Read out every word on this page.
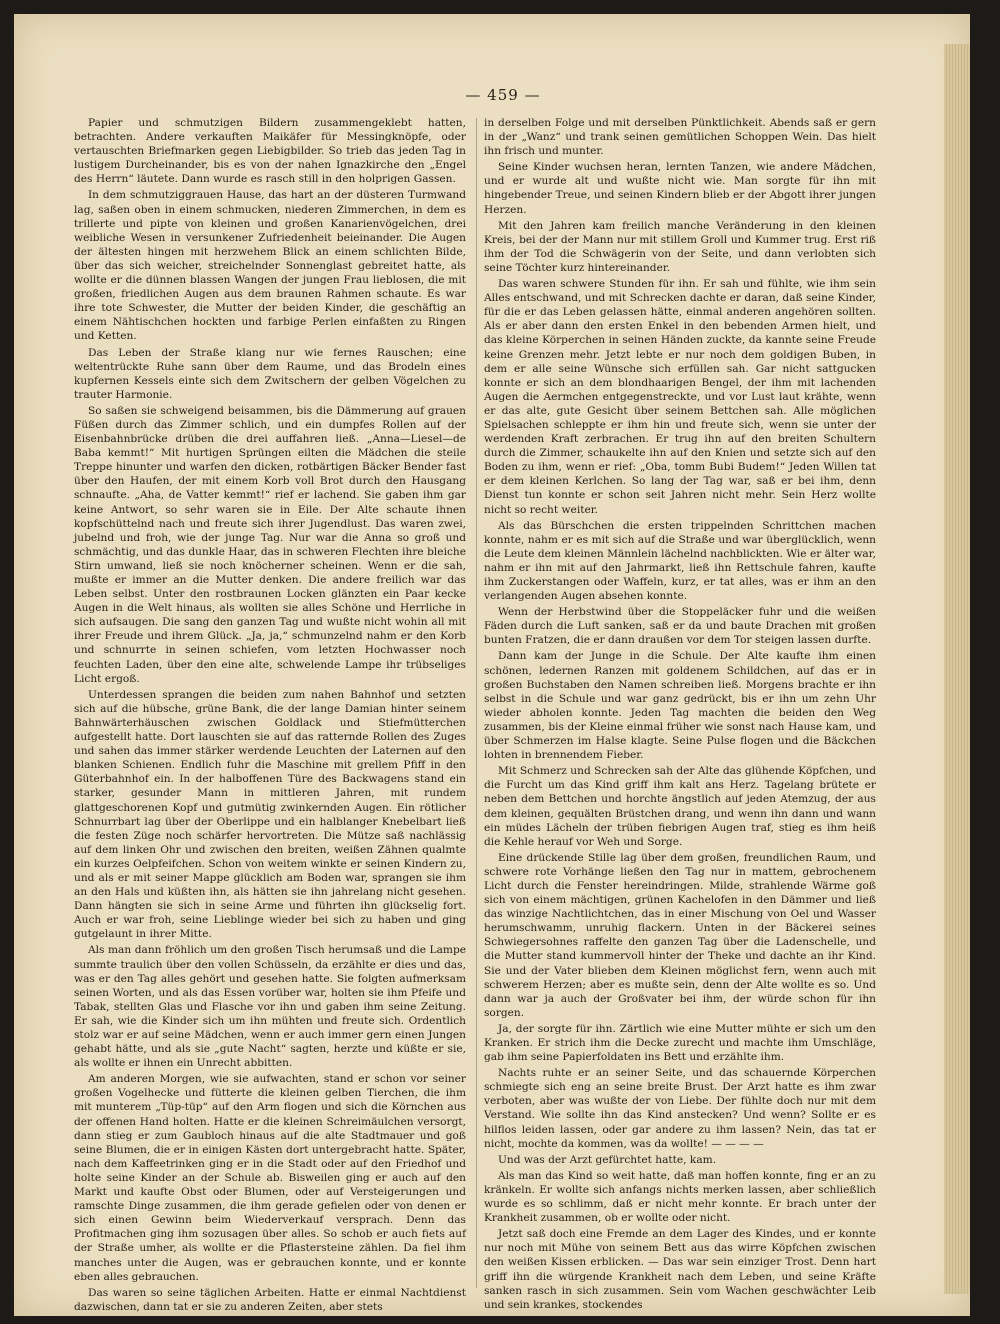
— 459 —

Papier und schmutzigen Bildern zusammengeklebt hatten, betrachten. Andere verkauften Maikäfer für Messingknöpfe, oder vertauschten Briefmarken gegen Liebigbilder. So trieb das jeden Tag in lustigem Durcheinander, bis es von der nahen Ignazkirche den „Engel des Herrn“ läutete. Dann wurde es rasch still in den holprigen Gassen.

In dem schmutziggrauen Hause, das hart an der düsteren Turmwand lag, saßen oben in einem schmucken, niederen Zimmerchen, in dem es trillerte und pipte von kleinen und großen Kanarienvögelchen, drei weibliche Wesen in versunkener Zufriedenheit beieinander. Die Augen der ältesten hingen mit herzwehem Blick an einem schlichten Bilde, über das sich weicher, streichelnder Sonnenglast gebreitet hatte, als wollte er die dünnen blassen Wangen der jungen Frau lieblosen, die mit großen, friedlichen Augen aus dem braunen Rahmen schaute. Es war ihre tote Schwester, die Mutter der beiden Kinder, die geschäftig an einem Nähtischchen hockten und farbige Perlen einfaßten zu Ringen und Ketten.

Das Leben der Straße klang nur wie fernes Rauschen; eine weltentrückte Ruhe sann über dem Raume, und das Brodeln eines kupfernen Kessels einte sich dem Zwitschern der gelben Vögelchen zu trauter Harmonie.

So saßen sie schweigend beisammen, bis die Dämmerung auf grauen Füßen durch das Zimmer schlich, und ein dumpfes Rollen auf der Eisenbahnbrücke drüben die drei auffahren ließ. „Anna—Liesel—de Baba kemmt!“ Mit hurtigen Sprüngen eilten die Mädchen die steile Treppe hinunter und warfen den dicken, rotbärtigen Bäcker Bender fast über den Haufen, der mit einem Korb voll Brot durch den Hausgang schnaufte. „Aha, de Vatter kemmt!“ rief er lachend. Sie gaben ihm gar keine Antwort, so sehr waren sie in Eile. Der Alte schaute ihnen kopfschüttelnd nach und freute sich ihrer Jugendlust. Das waren zwei, jubelnd und froh, wie der junge Tag. Nur war die Anna so groß und schmächtig, und das dunkle Haar, das in schweren Flechten ihre bleiche Stirn umwand, ließ sie noch knöcherner scheinen. Wenn er die sah, mußte er immer an die Mutter denken. Die andere freilich war das Leben selbst. Unter den rostbraunen Locken glänzten ein Paar kecke Augen in die Welt hinaus, als wollten sie alles Schöne und Herrliche in sich aufsaugen. Die sang den ganzen Tag und wußte nicht wohin all mit ihrer Freude und ihrem Glück. „Ja, ja,“ schmunzelnd nahm er den Korb und schnurrte in seinen schiefen, vom letzten Hochwasser noch feuchten Laden, über den eine alte, schwelende Lampe ihr trübseliges Licht ergoß.

Unterdessen sprangen die beiden zum nahen Bahnhof und setzten sich auf die hübsche, grüne Bank, die der lange Damian hinter seinem Bahnwärterhäuschen zwischen Goldlack und Stiefmütterchen aufgestellt hatte. Dort lauschten sie auf das ratternde Rollen des Zuges und sahen das immer stärker werdende Leuchten der Laternen auf den blanken Schienen. Endlich fuhr die Maschine mit grellem Pfiff in den Güterbahnhof ein. In der halboffenen Türe des Backwagens stand ein starker, gesunder Mann in mittleren Jahren, mit rundem glattgeschorenen Kopf und gutmütig zwinkernden Augen. Ein rötlicher Schnurrbart lag über der Oberlippe und ein halblanger Knebelbart ließ die festen Züge noch schärfer hervortreten. Die Mütze saß nachlässig auf dem linken Ohr und zwischen den breiten, weißen Zähnen qualmte ein kurzes Oelpfeifchen. Schon von weitem winkte er seinen Kindern zu, und als er mit seiner Mappe glücklich am Boden war, sprangen sie ihm an den Hals und küßten ihn, als hätten sie ihn jahrelang nicht gesehen. Dann hängten sie sich in seine Arme und führten ihn glückselig fort. Auch er war froh, seine Lieblinge wieder bei sich zu haben und ging gutgelaunt in ihrer Mitte.

Als man dann fröhlich um den großen Tisch herumsaß und die Lampe summte traulich über den vollen Schüsseln, da erzählte er dies und das, was er den Tag alles gehört und gesehen hatte. Sie folgten aufmerksam seinen Worten, und als das Essen vorüber war, holten sie ihm Pfeife und Tabak, stellten Glas und Flasche vor ihn und gaben ihm seine Zeitung. Er sah, wie die Kinder sich um ihn mühten und freute sich. Ordentlich stolz war er auf seine Mädchen, wenn er auch immer gern einen Jungen gehabt hätte, und als sie „gute Nacht“ sagten, herzte und küßte er sie, als wollte er ihnen ein Unrecht abbitten.

Am anderen Morgen, wie sie aufwachten, stand er schon vor seiner großen Vogelhecke und fütterte die kleinen gelben Tierchen, die ihm mit munterem „Tüp-tüp“ auf den Arm flogen und sich die Körnchen aus der offenen Hand holten. Hatte er die kleinen Schreimäulchen versorgt, dann stieg er zum Gaubloch hinaus auf die alte Stadtmauer und goß seine Blumen, die er in einigen Kästen dort untergebracht hatte. Später, nach dem Kaffeetrinken ging er in die Stadt oder auf den Friedhof und holte seine Kinder an der Schule ab. Bisweilen ging er auch auf den Markt und kaufte Obst oder Blumen, oder auf Versteigerungen und ramschte Dinge zusammen, die ihm gerade gefielen oder von denen er sich einen Gewinn beim Wiederverkauf versprach. Denn das Profitmachen ging ihm sozusagen über alles. So schob er auch fiets auf der Straße umher, als wollte er die Pflastersteine zählen. Da fiel ihm manches unter die Augen, was er gebrauchen konnte, und er konnte eben alles gebrauchen.

Das waren so seine täglichen Arbeiten. Hatte er einmal Nachtdienst dazwischen, dann tat er sie zu anderen Zeiten, aber stets

in derselben Folge und mit derselben Pünktlichkeit. Abends saß er gern in der „Wanz“ und trank seinen gemütlichen Schoppen Wein. Das hielt ihn frisch und munter.

Seine Kinder wuchsen heran, lernten Tanzen, wie andere Mädchen, und er wurde alt und wußte nicht wie. Man sorgte für ihn mit hingebender Treue, und seinen Kindern blieb er der Abgott ihrer jungen Herzen.

Mit den Jahren kam freilich manche Veränderung in den kleinen Kreis, bei der der Mann nur mit stillem Groll und Kummer trug. Erst riß ihm der Tod die Schwägerin von der Seite, und dann verlobten sich seine Töchter kurz hintereinander.

Das waren schwere Stunden für ihn. Er sah und fühlte, wie ihm sein Alles entschwand, und mit Schrecken dachte er daran, daß seine Kinder, für die er das Leben gelassen hätte, einmal anderen angehören sollten. Als er aber dann den ersten Enkel in den bebenden Armen hielt, und das kleine Körperchen in seinen Händen zuckte, da kannte seine Freude keine Grenzen mehr. Jetzt lebte er nur noch dem goldigen Buben, in dem er alle seine Wünsche sich erfüllen sah. Gar nicht sattgucken konnte er sich an dem blondhaarigen Bengel, der ihm mit lachenden Augen die Aermchen entgegenstreckte, und vor Lust laut krähte, wenn er das alte, gute Gesicht über seinem Bettchen sah. Alle möglichen Spielsachen schleppte er ihm hin und freute sich, wenn sie unter der werdenden Kraft zerbrachen. Er trug ihn auf den breiten Schultern durch die Zimmer, schaukelte ihn auf den Knien und setzte sich auf den Boden zu ihm, wenn er rief: „Oba, tomm Bubi Budem!“ Jeden Willen tat er dem kleinen Kerlchen. So lang der Tag war, saß er bei ihm, denn Dienst tun konnte er schon seit Jahren nicht mehr. Sein Herz wollte nicht so recht weiter.

Als das Bürschchen die ersten trippelnden Schrittchen machen konnte, nahm er es mit sich auf die Straße und war überglücklich, wenn die Leute dem kleinen Männlein lächelnd nachblickten. Wie er älter war, nahm er ihn mit auf den Jahrmarkt, ließ ihn Rettschule fahren, kaufte ihm Zuckerstangen oder Waffeln, kurz, er tat alles, was er ihm an den verlangenden Augen absehen konnte.

Wenn der Herbstwind über die Stoppeläcker fuhr und die weißen Fäden durch die Luft sanken, saß er da und baute Drachen mit großen bunten Fratzen, die er dann draußen vor dem Tor steigen lassen durfte.

Dann kam der Junge in die Schule. Der Alte kaufte ihm einen schönen, ledernen Ranzen mit goldenem Schildchen, auf das er in großen Buchstaben den Namen schreiben ließ. Morgens brachte er ihn selbst in die Schule und war ganz gedrückt, bis er ihn um zehn Uhr wieder abholen konnte. Jeden Tag machten die beiden den Weg zusammen, bis der Kleine einmal früher wie sonst nach Hause kam, und über Schmerzen im Halse klagte. Seine Pulse flogen und die Bäckchen lohten in brennendem Fieber.

Mit Schmerz und Schrecken sah der Alte das glühende Köpfchen, und die Furcht um das Kind griff ihm kalt ans Herz. Tagelang brütete er neben dem Bettchen und horchte ängstlich auf jeden Atemzug, der aus dem kleinen, gequälten Brüstchen drang, und wenn ihn dann und wann ein müdes Lächeln der trüben fiebrigen Augen traf, stieg es ihm heiß die Kehle herauf vor Weh und Sorge.

Eine drückende Stille lag über dem großen, freundlichen Raum, und schwere rote Vorhänge ließen den Tag nur in mattem, gebrochenem Licht durch die Fenster hereindringen. Milde, strahlende Wärme goß sich von einem mächtigen, grünen Kachelofen in den Dämmer und ließ das winzige Nachtlichtchen, das in einer Mischung von Oel und Wasser herumschwamm, unruhig flackern. Unten in der Bäckerei seines Schwiegersohnes raffelte den ganzen Tag über die Ladenschelle, und die Mutter stand kummervoll hinter der Theke und dachte an ihr Kind. Sie und der Vater blieben dem Kleinen möglichst fern, wenn auch mit schwerem Herzen; aber es mußte sein, denn der Alte wollte es so. Und dann war ja auch der Großvater bei ihm, der würde schon für ihn sorgen.

Ja, der sorgte für ihn. Zärtlich wie eine Mutter mühte er sich um den Kranken. Er strich ihm die Decke zurecht und machte ihm Umschläge, gab ihm seine Papierfoldaten ins Bett und erzählte ihm.

Nachts ruhte er an seiner Seite, und das schauernde Körperchen schmiegte sich eng an seine breite Brust. Der Arzt hatte es ihm zwar verboten, aber was wußte der von Liebe. Der fühlte doch nur mit dem Verstand. Wie sollte ihn das Kind anstecken? Und wenn? Sollte er es hilflos leiden lassen, oder gar andere zu ihm lassen? Nein, das tat er nicht, mochte da kommen, was da wollte! — — — —

Und was der Arzt gefürchtet hatte, kam.

Als man das Kind so weit hatte, daß man hoffen konnte, fing er an zu kränkeln. Er wollte sich anfangs nichts merken lassen, aber schließlich wurde es so schlimm, daß er nicht mehr konnte. Er brach unter der Krankheit zusammen, ob er wollte oder nicht.

Jetzt saß doch eine Fremde an dem Lager des Kindes, und er konnte nur noch mit Mühe von seinem Bett aus das wirre Köpfchen zwischen den weißen Kissen erblicken. — Das war sein einziger Trost. Denn hart griff ihn die würgende Krankheit nach dem Leben, und seine Kräfte sanken rasch in sich zusammen. Sein vom Wachen geschwächter Leib und sein krankes, stockendes
